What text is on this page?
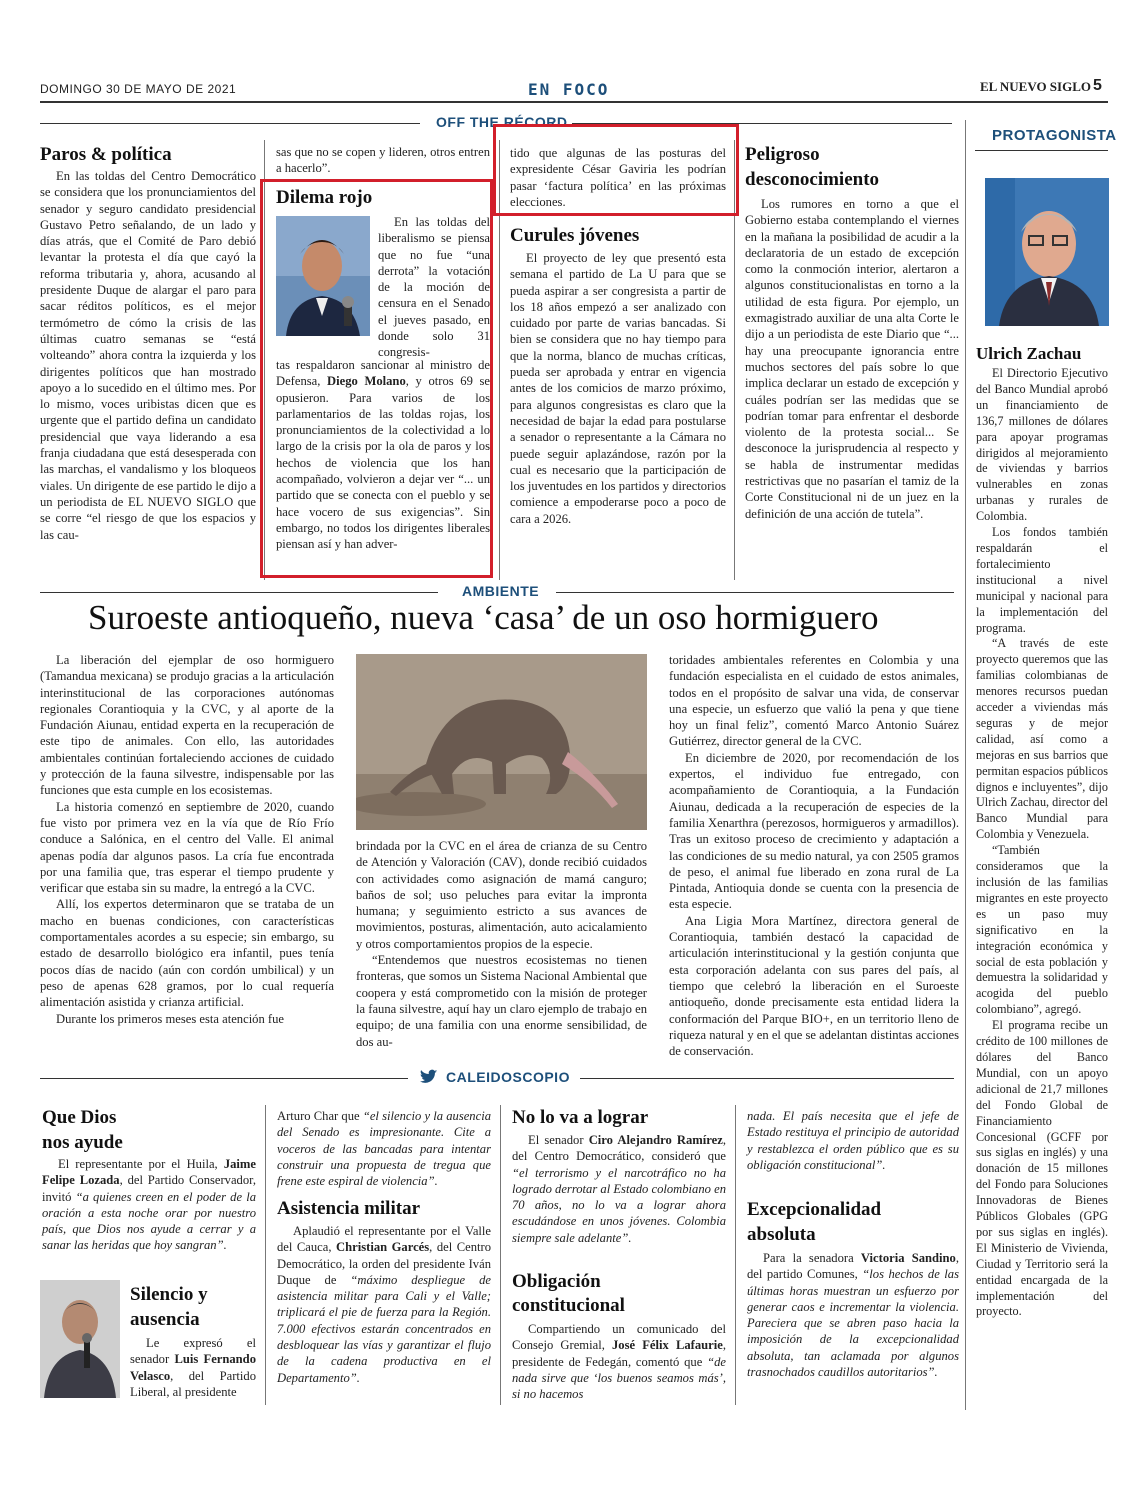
DOMINGO 30 DE MAYO DE 2021	EN FOCO	EL NUEVO SIGLO 5
OFF THE RÉCORD
Paros & política

En las toldas del Centro Democrático se considera que los pronunciamientos del senador y seguro candidato presidencial Gustavo Petro señalando, de un lado y días atrás, que el Comité de Paro debió levantar la protesta el día que cayó la reforma tributaria y, ahora, acusando al presidente Duque de alargar el paro para sacar réditos políticos, es el mejor termómetro de cómo la crisis de las últimas cuatro semanas se “está volteando” ahora contra la izquierda y los dirigentes políticos que han mostrado apoyo a lo sucedido en el último mes. Por lo mismo, voces uribistas dicen que es urgente que el partido defina un candidato presidencial que vaya liderando a esa franja ciudadana que está desesperada con las marchas, el vandalismo y los bloqueos viales. Un dirigente de ese partido le dijo a un periodista de EL NUEVO SIGLO que se corre “el riesgo de que los espacios y las cau-

sas que no se copen y lideren, otros entren a hacerlo”.

Dilema rojo

En las toldas del liberalismo se piensa que no fue “una derrota” la votación de la moción de censura en el Senado el jueves pasado, en donde solo 31 congresis-

tas respaldaron sancionar al ministro de Defensa, Diego Molano, y otros 69 se opusieron. Para varios de los parlamentarios de las toldas rojas, los pronunciamientos de la colectividad a lo largo de la crisis por la ola de paros y los hechos de violencia que los han acompañado, volvieron a dejar ver “... un partido que se conecta con el pueblo y se hace vocero de sus exigencias”. Sin embargo, no todos los dirigentes liberales piensan así y han adver-

tido que algunas de las posturas del expresidente César Gaviria les podrían pasar ‘factura política’ en las próximas elecciones.

Curules jóvenes

El proyecto de ley que presentó esta semana el partido de La U para que se pueda aspirar a ser congresista a partir de los 18 años empezó a ser analizado con cuidado por parte de varias bancadas. Si bien se considera que no hay tiempo para que la norma, blanco de muchas críticas, pueda ser aprobada y entrar en vigencia antes de los comicios de marzo próximo, para algunos congresistas es claro que la necesidad de bajar la edad para postularse a senador o representante a la Cámara no puede seguir aplazándose, razón por la cual es necesario que la participación de los juventudes en los partidos y directorios comience a empoderarse poco a poco de cara a 2026.

Peligroso
desconocimiento

Los rumores en torno a que el Gobierno estaba contemplando el viernes en la mañana la posibilidad de acudir a la declaratoria de un estado de excepción como la conmoción interior, alertaron a algunos constitucionalistas en torno a la utilidad de esta figura. Por ejemplo, un exmagistrado auxiliar de una alta Corte le dijo a un periodista de este Diario que “... hay una preocupante ignorancia entre muchos sectores del país sobre lo que implica declarar un estado de excepción y cuáles podrían ser las medidas que se podrían tomar para enfrentar el desborde violento de la protesta social... Se desconoce la jurisprudencia al respecto y se habla de instrumentar medidas restrictivas que no pasarían el tamiz de la Corte Constitucional ni de un juez en la definición de una acción de tutela”.

PROTAGONISTA
Ulrich Zachau

El Directorio Ejecutivo del Banco Mundial aprobó un financiamiento de 136,7 millones de dólares para apoyar programas dirigidos al mejoramiento de viviendas y barrios vulnerables en zonas urbanas y rurales de Colombia.

Los fondos también respaldarán el fortalecimiento institucional a nivel municipal y nacional para la implementación del programa.

“A través de este proyecto queremos que las familias colombianas de menores recursos puedan acceder a viviendas más seguras y de mejor calidad, así como a mejoras en sus barrios que permitan espacios públicos dignos e incluyentes”, dijo Ulrich Zachau, director del Banco Mundial para Colombia y Venezuela.

“También consideramos que la inclusión de las familias migrantes en este proyecto es un paso muy significativo en la integración económica y social de esta población y demuestra la solidaridad y acogida del pueblo colombiano”, agregó.

El programa recibe un crédito de 100 millones de dólares del Banco Mundial, con un apoyo adicional de 21,7 millones del Fondo Global de Financiamiento Concesional (GCFF por sus siglas en inglés) y una donación de 15 millones del Fondo para Soluciones Innovadoras de Bienes Públicos Globales (GPG por sus siglas en inglés). El Ministerio de Vivienda, Ciudad y Territorio será la entidad encargada de la implementación del proyecto.

AMBIENTE
Suroeste antioqueño, nueva ‘casa’ de un oso hormiguero

La liberación del ejemplar de oso hormiguero (Tamandua mexicana) se produjo gracias a la articulación interinstitucional de las corporaciones autónomas regionales Corantioquia y la CVC, y al aporte de la Fundación Aiunau, entidad experta en la recuperación de este tipo de animales. Con ello, las autoridades ambientales continúan fortaleciendo acciones de cuidado y protección de la fauna silvestre, indispensable por las funciones que esta cumple en los ecosistemas.

La historia comenzó en septiembre de 2020, cuando fue visto por primera vez en la vía que de Río Frío conduce a Salónica, en el centro del Valle. El animal apenas podía dar algunos pasos. La cría fue encontrada por una familia que, tras esperar el tiempo prudente y verificar que estaba sin su madre, la entregó a la CVC.

Allí, los expertos determinaron que se trataba de un macho en buenas condiciones, con características comportamentales acordes a su especie; sin embargo, su estado de desarrollo biológico era infantil, pues tenía pocos días de nacido (aún con cordón umbilical) y un peso de apenas 628 gramos, por lo cual requería alimentación asistida y crianza artificial.

Durante los primeros meses esta atención fue

brindada por la CVC en el área de crianza de su Centro de Atención y Valoración (CAV), donde recibió cuidados con actividades como asignación de mamá canguro; baños de sol; uso peluches para evitar la impronta humana; y seguimiento estricto a sus avances de movimientos, posturas, alimentación, auto acicalamiento y otros comportamientos propios de la especie.

“Entendemos que nuestros ecosistemas no tienen fronteras, que somos un Sistema Nacional Ambiental que coopera y está comprometido con la misión de proteger la fauna silvestre, aquí hay un claro ejemplo de trabajo en equipo; de una familia con una enorme sensibilidad, de dos au-

toridades ambientales referentes en Colombia y una fundación especialista en el cuidado de estos animales, todos en el propósito de salvar una vida, de conservar una especie, un esfuerzo que valió la pena y que tiene hoy un final feliz”, comentó Marco Antonio Suárez Gutiérrez, director general de la CVC.

En diciembre de 2020, por recomendación de los expertos, el individuo fue entregado, con acompañamiento de Corantioquia, a la Fundación Aiunau, dedicada a la recuperación de especies de la familia Xenarthra (perezosos, hormigueros y armadillos). Tras un exitoso proceso de crecimiento y adaptación a las condiciones de su medio natural, ya con 2505 gramos de peso, el animal fue liberado en zona rural de La Pintada, Antioquia donde se cuenta con la presencia de esta especie.

Ana Ligia Mora Martínez, directora general de Corantioquia, también destacó la capacidad de articulación interinstitucional y la gestión conjunta que esta corporación adelanta con sus pares del país, al tiempo que celebró la liberación en el Suroeste antioqueño, donde precisamente esta entidad lidera la conformación del Parque BIO+, en un territorio lleno de riqueza natural y en el que se adelantan distintas acciones de conservación.

CALEIDOSCOPIO
Que Dios
nos ayude

El representante por el Huila, Jaime Felipe Lozada, del Partido Conservador, invitó “a quienes creen en el poder de la oración a esta noche orar por nuestro país, que Dios nos ayude a cerrar y a sanar las heridas que hoy sangran”.

Silencio y
ausencia

Le expresó el senador Luis Fernando Velasco, del Partido Liberal, al presidente

Arturo Char que “el silencio y la ausencia del Senado es impresionante. Cite a voceros de las bancadas para intentar construir una propuesta de tregua que frene este espiral de violencia”.

Asistencia militar

Aplaudió el representante por el Valle del Cauca, Christian Garcés, del Centro Democrático, la orden del presidente Iván Duque de “máximo despliegue de asistencia militar para Cali y el Valle; triplicará el pie de fuerza para la Región. 7.000 efectivos estarán concentrados en desbloquear las vías y garantizar el flujo de la cadena productiva en el Departamento”.

No lo va a lograr

El senador Ciro Alejandro Ramírez, del Centro Democrático, consideró que “el terrorismo y el narcotráfico no ha logrado derrotar al Estado colombiano en 70 años, no lo va a lograr ahora escudándose en unos jóvenes. Colombia siempre sale adelante”.

Obligación
constitucional

Compartiendo un comunicado del Consejo Gremial, José Félix Lafaurie, presidente de Fedegán, comentó que “de nada sirve que ‘los buenos seamos más’, si no hacemos

nada. El país necesita que el jefe de Estado restituya el principio de autoridad y restablezca el orden público que es su obligación constitucional”.

Excepcionalidad
absoluta

Para la senadora Victoria Sandino, del partido Comunes, “los hechos de las últimas horas muestran un esfuerzo por generar caos e incrementar la violencia. Pareciera que se abren paso hacia la imposición de la excepcionalidad absoluta, tan aclamada por algunos trasnochados caudillos autoritarios”.
